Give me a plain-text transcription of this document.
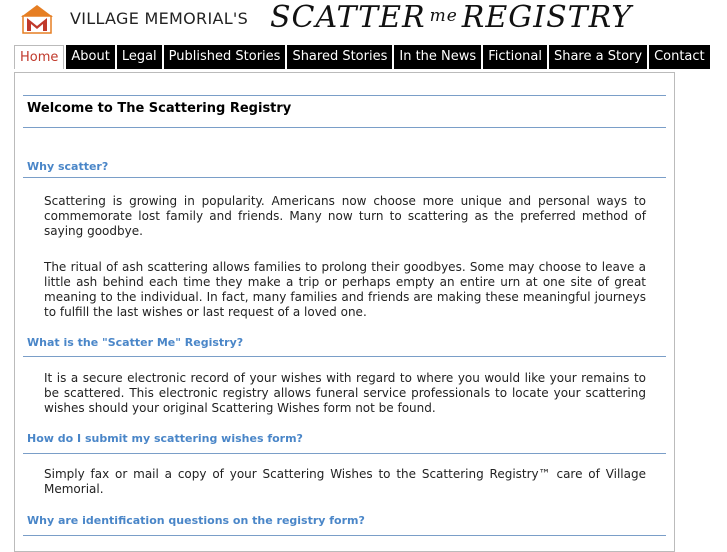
VILLAGE MEMORIAL'S SCATTER $^{me}$ REGISTRY
Home	About Legal Published Stories Shared Stories In the News Fictional Share a Story Contact
Welcome to The Scattering Registry
Why scatter?
Scattering is growing in popularity. Americans now choose more unique and personal ways to commemorate lost family and friends. Many now turn to scattering as the preferred method of saying goodbye.
The ritual of ash scattering allows families to prolong their goodbyes. Some may choose to leave a little ash behind each time they make a trip or perhaps empty an entire urn at one site of great meaning to the individual. In fact, many families and friends are making these meaningful journeys to fulfill the last wishes or last request of a loved one.
What is the "Scatter Me" Registry?
It is a secure electronic record of your wishes with regard to where you would like your remains to be scattered. This electronic registry allows funeral service professionals to locate your scattering wishes should your original Scattering Wishes form not be found.
How do I submit my scattering wishes form?
Simply fax or mail a copy of your Scattering Wishes to the Scattering Registry™ care of Village Memorial.
Why are identification questions on the registry form?
